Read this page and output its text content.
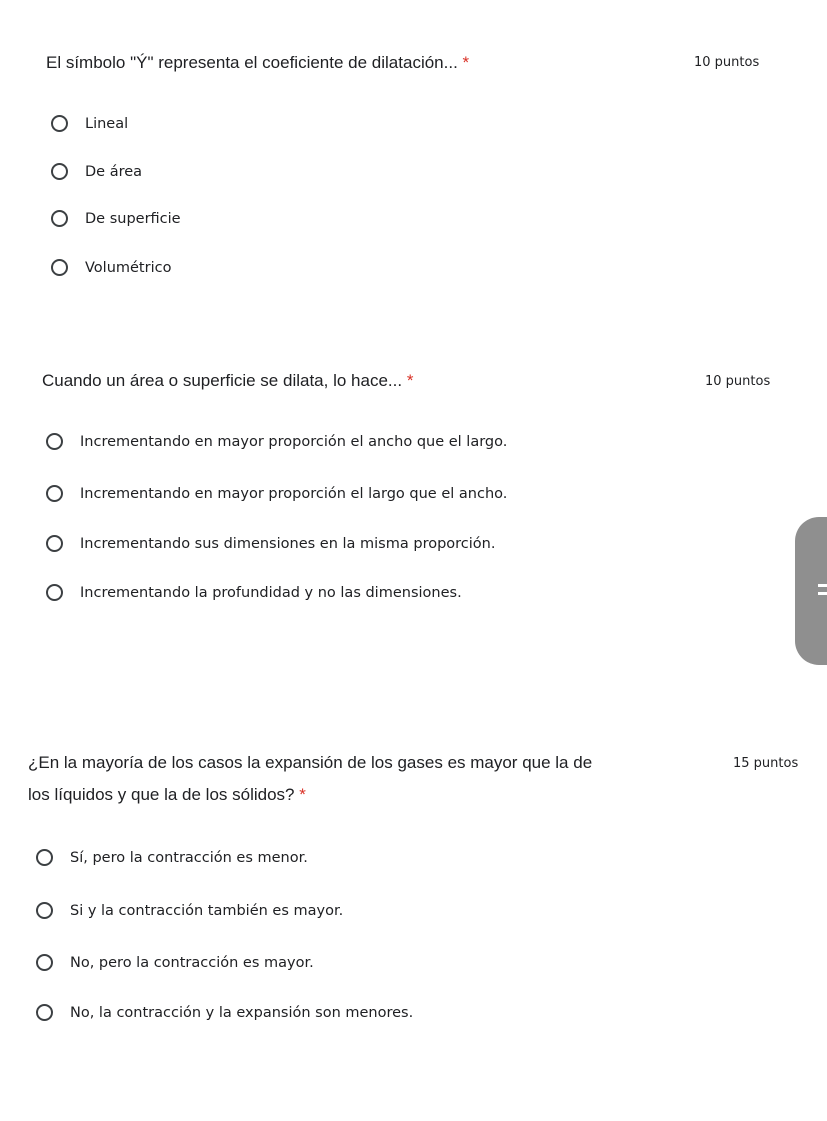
El símbolo "Ý" representa el coeficiente de dilatación... *	10 puntos
Lineal
De área
De superficie
Volumétrico
Cuando un área o superficie se dilata, lo hace... *	10 puntos
Incrementando en mayor proporción el ancho que el largo.
Incrementando en mayor proporción el largo que el ancho.
Incrementando sus dimensiones en la misma proporción.
Incrementando la profundidad y no las dimensiones.
¿En la mayoría de los casos la expansión de los gases es mayor que la de
los líquidos y que la de los sólidos? *
15 puntos
Sí, pero la contracción es menor.
Si y la contracción también es mayor.
No, pero la contracción es mayor.
No, la contracción y la expansión son menores.
